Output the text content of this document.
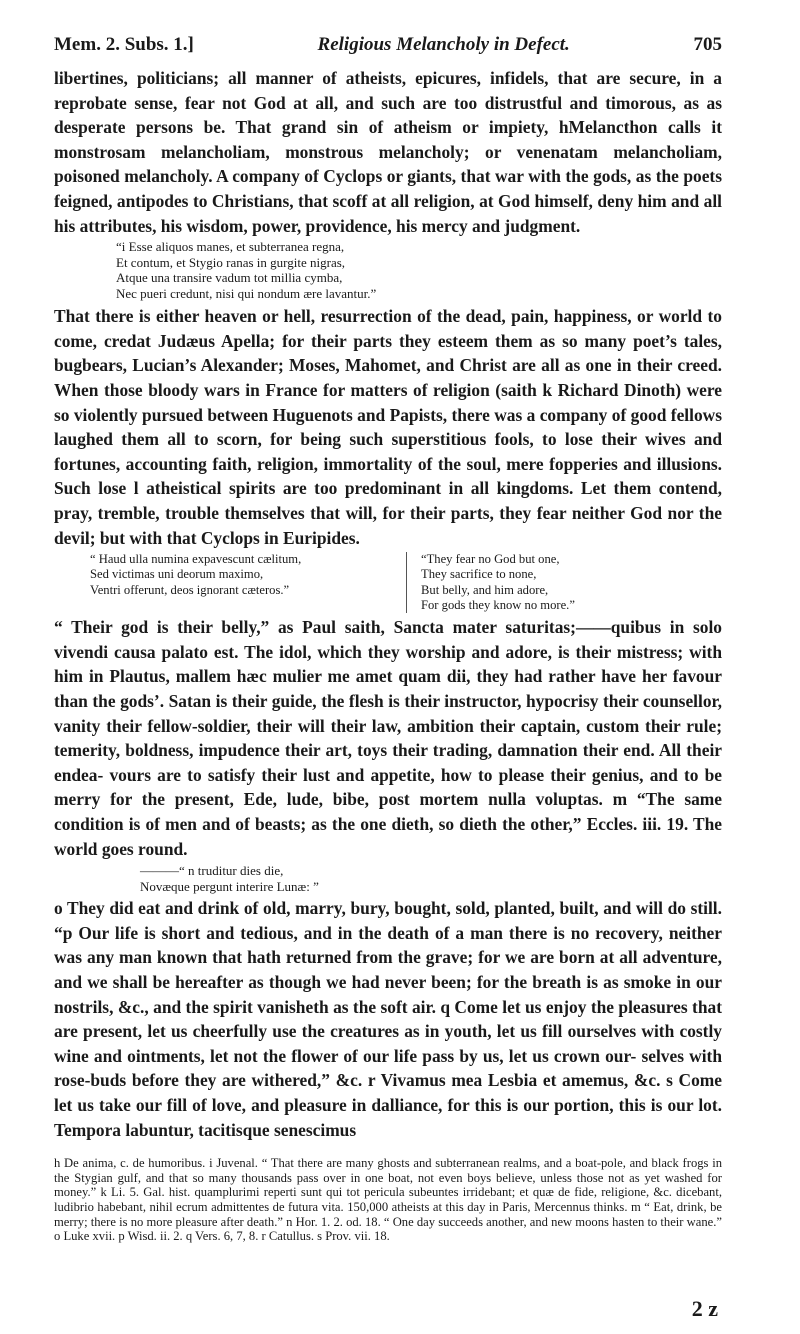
Mem. 2. Subs. 1.]	Religious Melancholy in Defect.	705

libertines, politicians; all manner of atheists, epicures, infidels, that are secure, in a reprobate sense, fear not God at all, and such are too distrustful and timorous, as as desperate persons be. That grand sin of atheism or impiety, hMelancthon calls it monstrosam melancholiam, monstrous melancholy; or venenatam melancholiam, poisoned melancholy. A company of Cyclops or giants, that war with the gods, as the poets feigned, antipodes to Christians, that scoff at all religion, at God himself, deny him and all his attributes, his wisdom, power, providence, his mercy and judgment.

“i Esse aliquos manes, et subterranea regna,
Et contum, et Stygio ranas in gurgite nigras,
Atque una transire vadum tot millia cymba,
Nec pueri credunt, nisi qui nondum ære lavantur.”

That there is either heaven or hell, resurrection of the dead, pain, happiness, or world to come, credat Judæus Apella; for their parts they esteem them as so many poet’s tales, bugbears, Lucian’s Alexander; Moses, Mahomet, and Christ are all as one in their creed. When those bloody wars in France for matters of religion (saith k Richard Dinoth) were so violently pursued between Huguenots and Papists, there was a company of good fellows laughed them all to scorn, for being such superstitious fools, to lose their wives and fortunes, accounting faith, religion, immortality of the soul, mere fopperies and illusions. Such lose l atheistical spirits are too predominant in all kingdoms. Let them contend, pray, tremble, trouble themselves that will, for their parts, they fear neither God nor the devil; but with that Cyclops in Euripides.

“ Haud ulla numina expavescunt cælitum,
Sed victimas uni deorum maximo,
Ventri offerunt, deos ignorant cæteros.”
“They fear no God but one,
They sacrifice to none,
But belly, and him adore,
For gods they know no more.”

“ Their god is their belly,” as Paul saith, Sancta mater saturitas;——quibus in solo vivendi causa palato est. The idol, which they worship and adore, is their mistress; with him in Plautus, mallem hæc mulier me amet quam dii, they had rather have her favour than the gods’. Satan is their guide, the flesh is their instructor, hypocrisy their counsellor, vanity their fellow-soldier, their will their law, ambition their captain, custom their rule; temerity, boldness, impudence their art, toys their trading, damnation their end. All their endea- vours are to satisfy their lust and appetite, how to please their genius, and to be merry for the present, Ede, lude, bibe, post mortem nulla voluptas. m “The same condition is of men and of beasts; as the one dieth, so dieth the other,” Eccles. iii. 19. The world goes round.

———“ n truditur dies die,
Novæque pergunt interire Lunæ: ”

o They did eat and drink of old, marry, bury, bought, sold, planted, built, and will do still. “p Our life is short and tedious, and in the death of a man there is no recovery, neither was any man known that hath returned from the grave; for we are born at all adventure, and we shall be hereafter as though we had never been; for the breath is as smoke in our nostrils, &c., and the spirit vanisheth as the soft air. q Come let us enjoy the pleasures that are present, let us cheerfully use the creatures as in youth, let us fill ourselves with costly wine and ointments, let not the flower of our life pass by us, let us crown our- selves with rose-buds before they are withered,” &c. r Vivamus mea Lesbia et amemus, &c. s Come let us take our fill of love, and pleasure in dalliance, for this is our portion, this is our lot. Tempora labuntur, tacitisque senescimus

h De anima, c. de humoribus. i Juvenal. “ That there are many ghosts and subterranean realms, and a boat-pole, and black frogs in the Stygian gulf, and that so many thousands pass over in one boat, not even boys believe, unless those not as yet washed for money.” k Li. 5. Gal. hist. quamplurimi reperti sunt qui tot pericula subeuntes irridebant; et quæ de fide, religione, &c. dicebant, ludibrio habebant, nihil ecrum admittentes de futura vita. 150,000 atheists at this day in Paris, Mercennus thinks. m “ Eat, drink, be merry; there is no more pleasure after death.” n Hor. 1. 2. od. 18. “ One day succeeds another, and new moons hasten to their wane.” o Luke xvii. p Wisd. ii. 2. q Vers. 6, 7, 8. r Catullus. s Prov. vii. 18.
2 z
